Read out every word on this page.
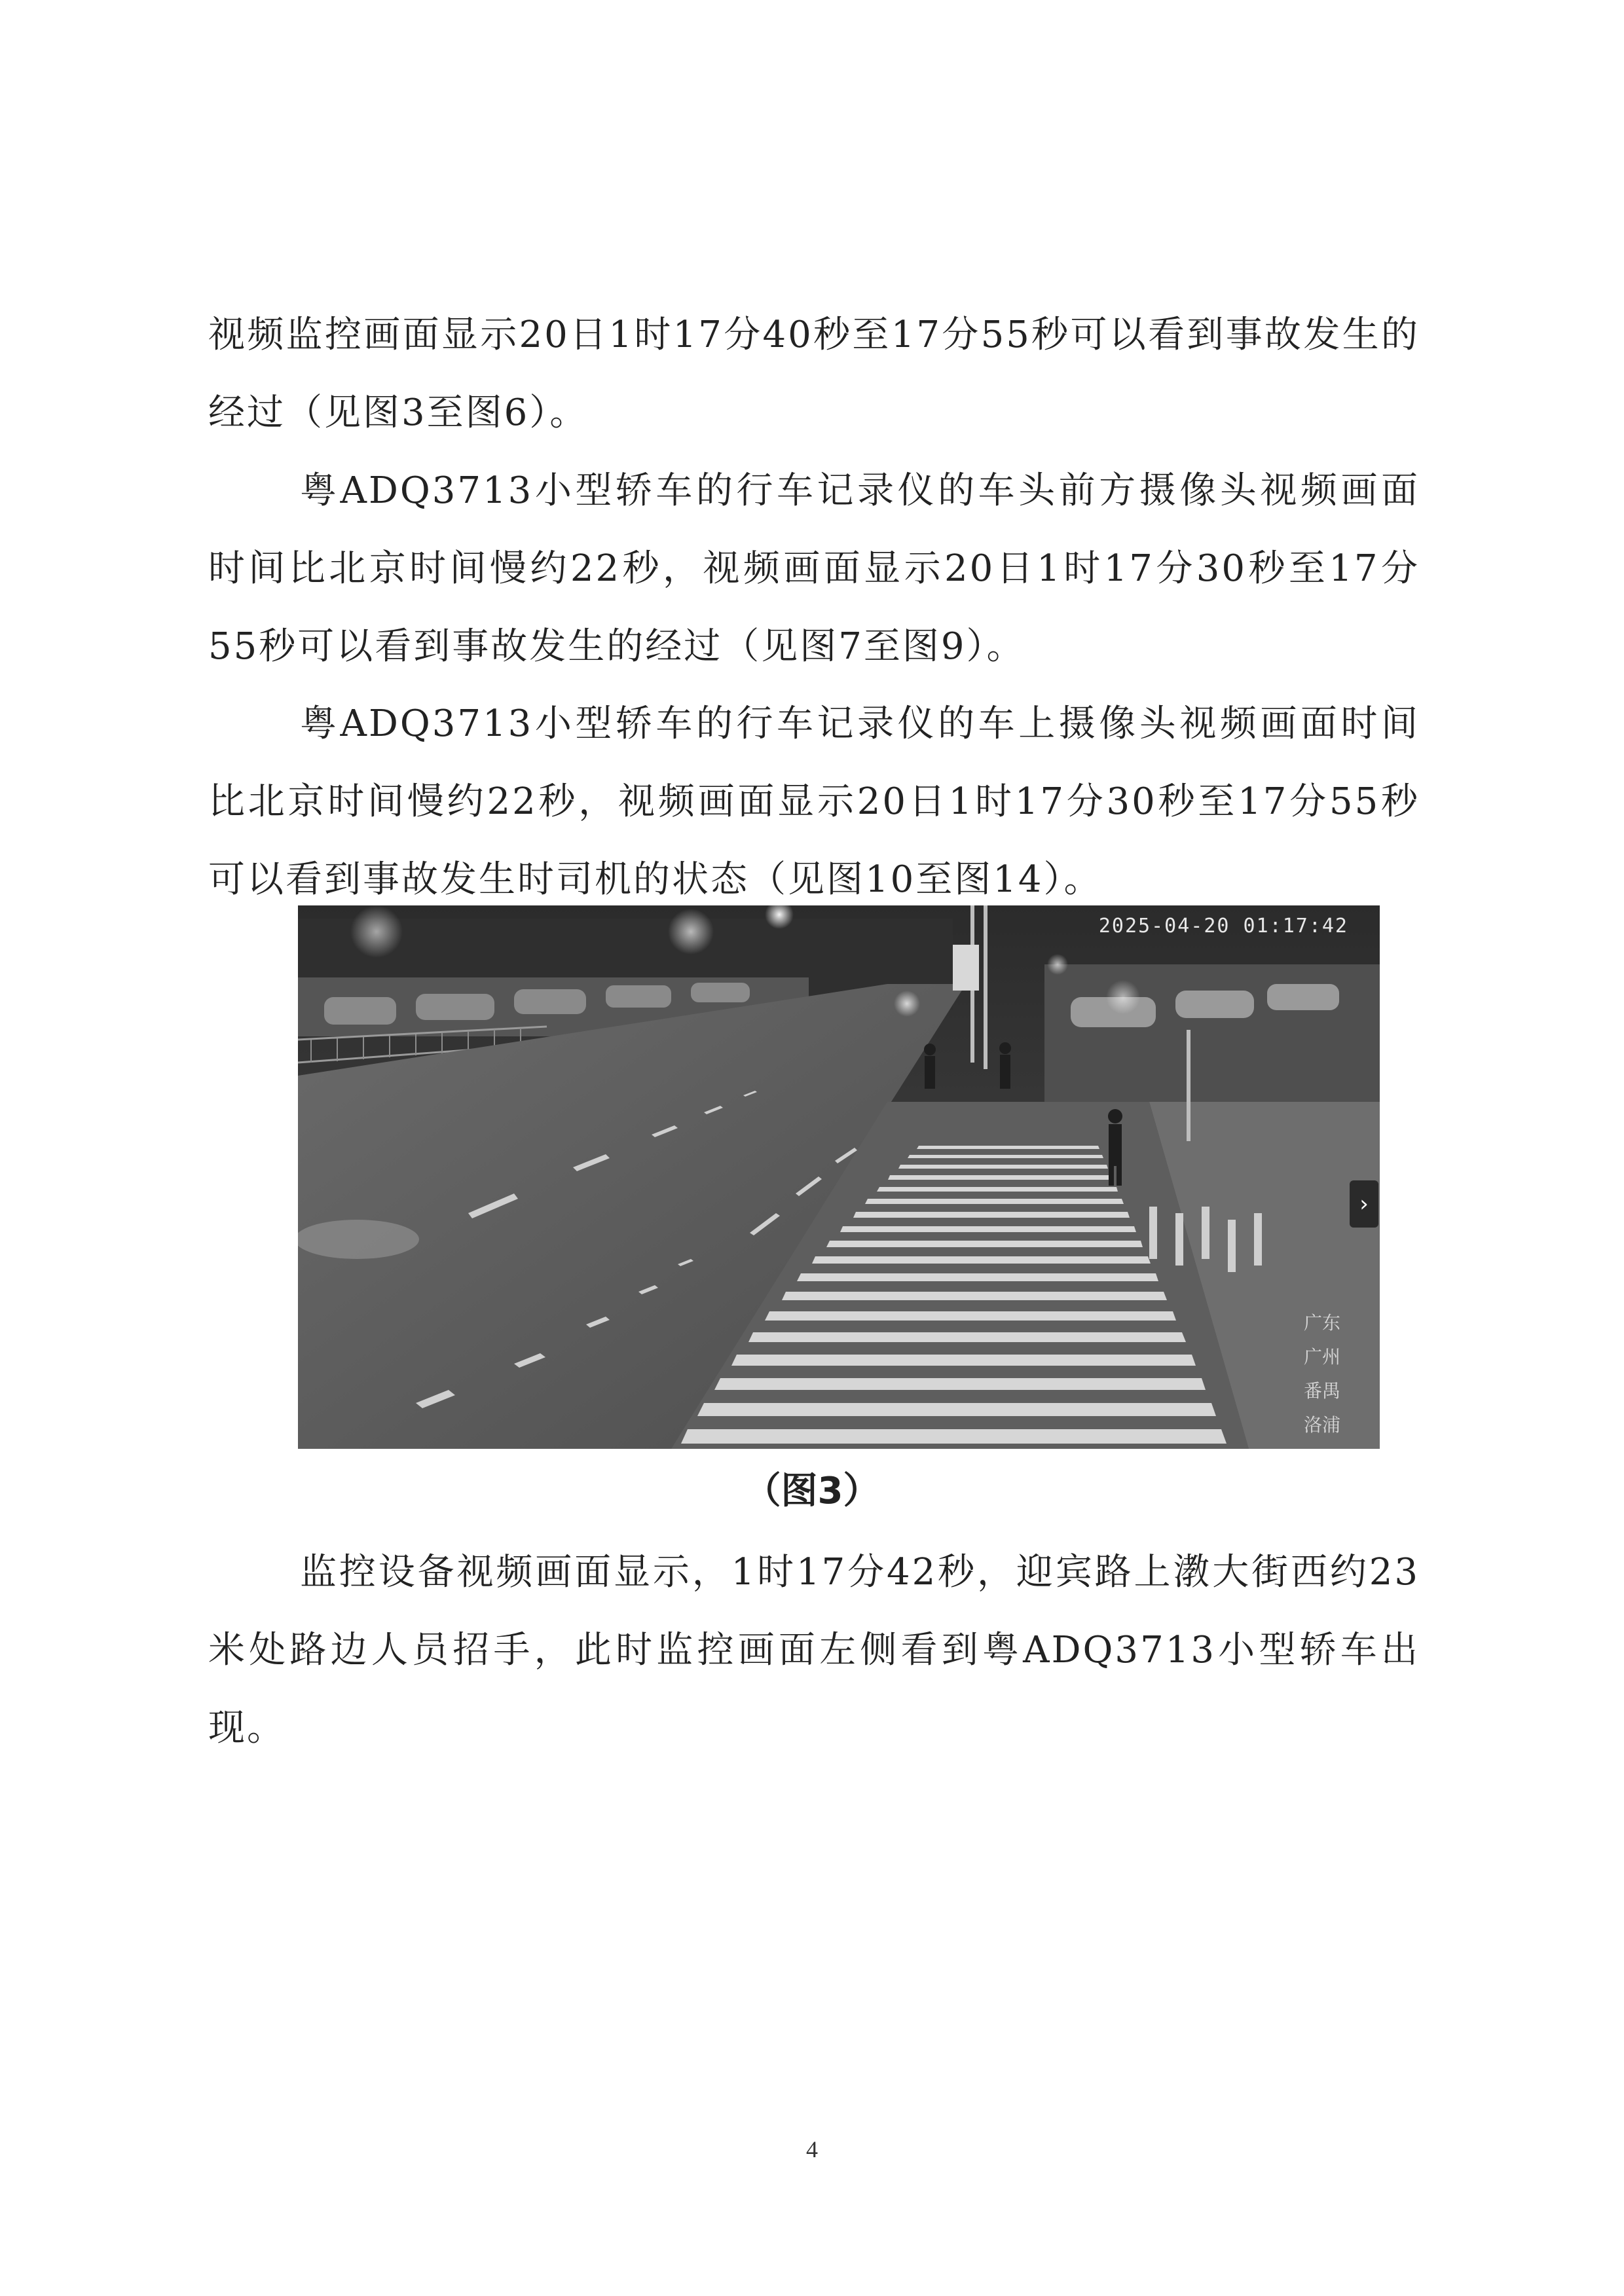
视频监控画面显示20日1时17分40秒至17分55秒可以看到事故发生的经过（见图3至图6）。

粤ADQ3713小型轿车的行车记录仪的车头前方摄像头视频画面时间比北京时间慢约22秒，视频画面显示20日1时17分30秒至17分55秒可以看到事故发生的经过（见图7至图9）。

粤ADQ3713小型轿车的行车记录仪的车上摄像头视频画面时间比北京时间慢约22秒，视频画面显示20日1时17分30秒至17分55秒可以看到事故发生时司机的状态（见图10至图14）。

2025-04-20 01:17:42
›
广东
广州
番禺
洛浦
（图3）

监控设备视频画面显示，1时17分42秒，迎宾路上漖大街西约23米处路边人员招手，此时监控画面左侧看到粤ADQ3713小型轿车出现。

4
